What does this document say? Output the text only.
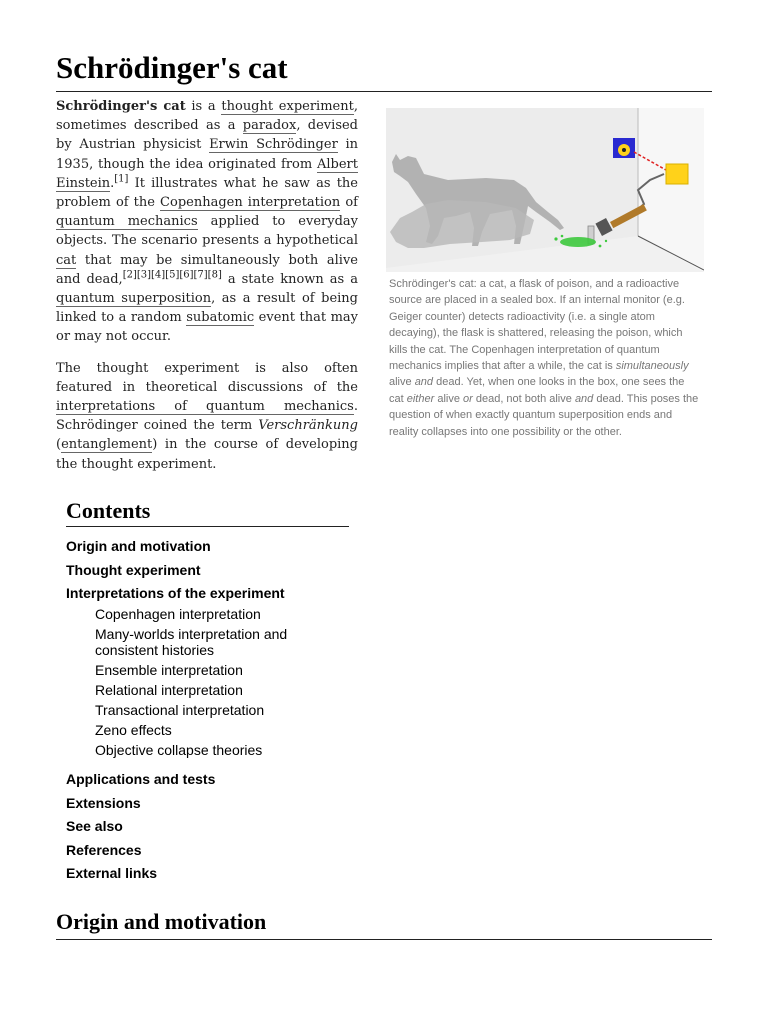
Schrödinger's cat

Schrödinger's cat is a thought experiment, sometimes described as a paradox, devised by Austrian physicist Erwin Schrödinger in 1935, though the idea originated from Albert Einstein.[1] It illustrates what he saw as the problem of the Copenhagen interpretation of quantum mechanics applied to everyday objects. The scenario presents a hypothetical cat that may be simultaneously both alive and dead,[2][3][4][5][6][7][8] a state known as a quantum superposition, as a result of being linked to a random subatomic event that may or may not occur.

The thought experiment is also often featured in theoretical discussions of the interpretations of quantum mechanics. Schrödinger coined the term Verschränkung (entanglement) in the course of developing the thought experiment.

Schrödinger's cat: a cat, a flask of poison, and a radioactive source are placed in a sealed box. If an internal monitor (e.g. Geiger counter) detects radioactivity (i.e. a single atom decaying), the flask is shattered, releasing the poison, which kills the cat. The Copenhagen interpretation of quantum mechanics implies that after a while, the cat is simultaneously alive and dead. Yet, when one looks in the box, one sees the cat either alive or dead, not both alive and dead. This poses the question of when exactly quantum superposition ends and reality collapses into one possibility or the other.
Contents
Origin and motivation
Thought experiment
Interpretations of the experiment
Copenhagen interpretation
Many-worlds interpretation and consistent histories
Ensemble interpretation
Relational interpretation
Transactional interpretation
Zeno effects
Objective collapse theories
Applications and tests
Extensions
See also
References
External links
Origin and motivation
